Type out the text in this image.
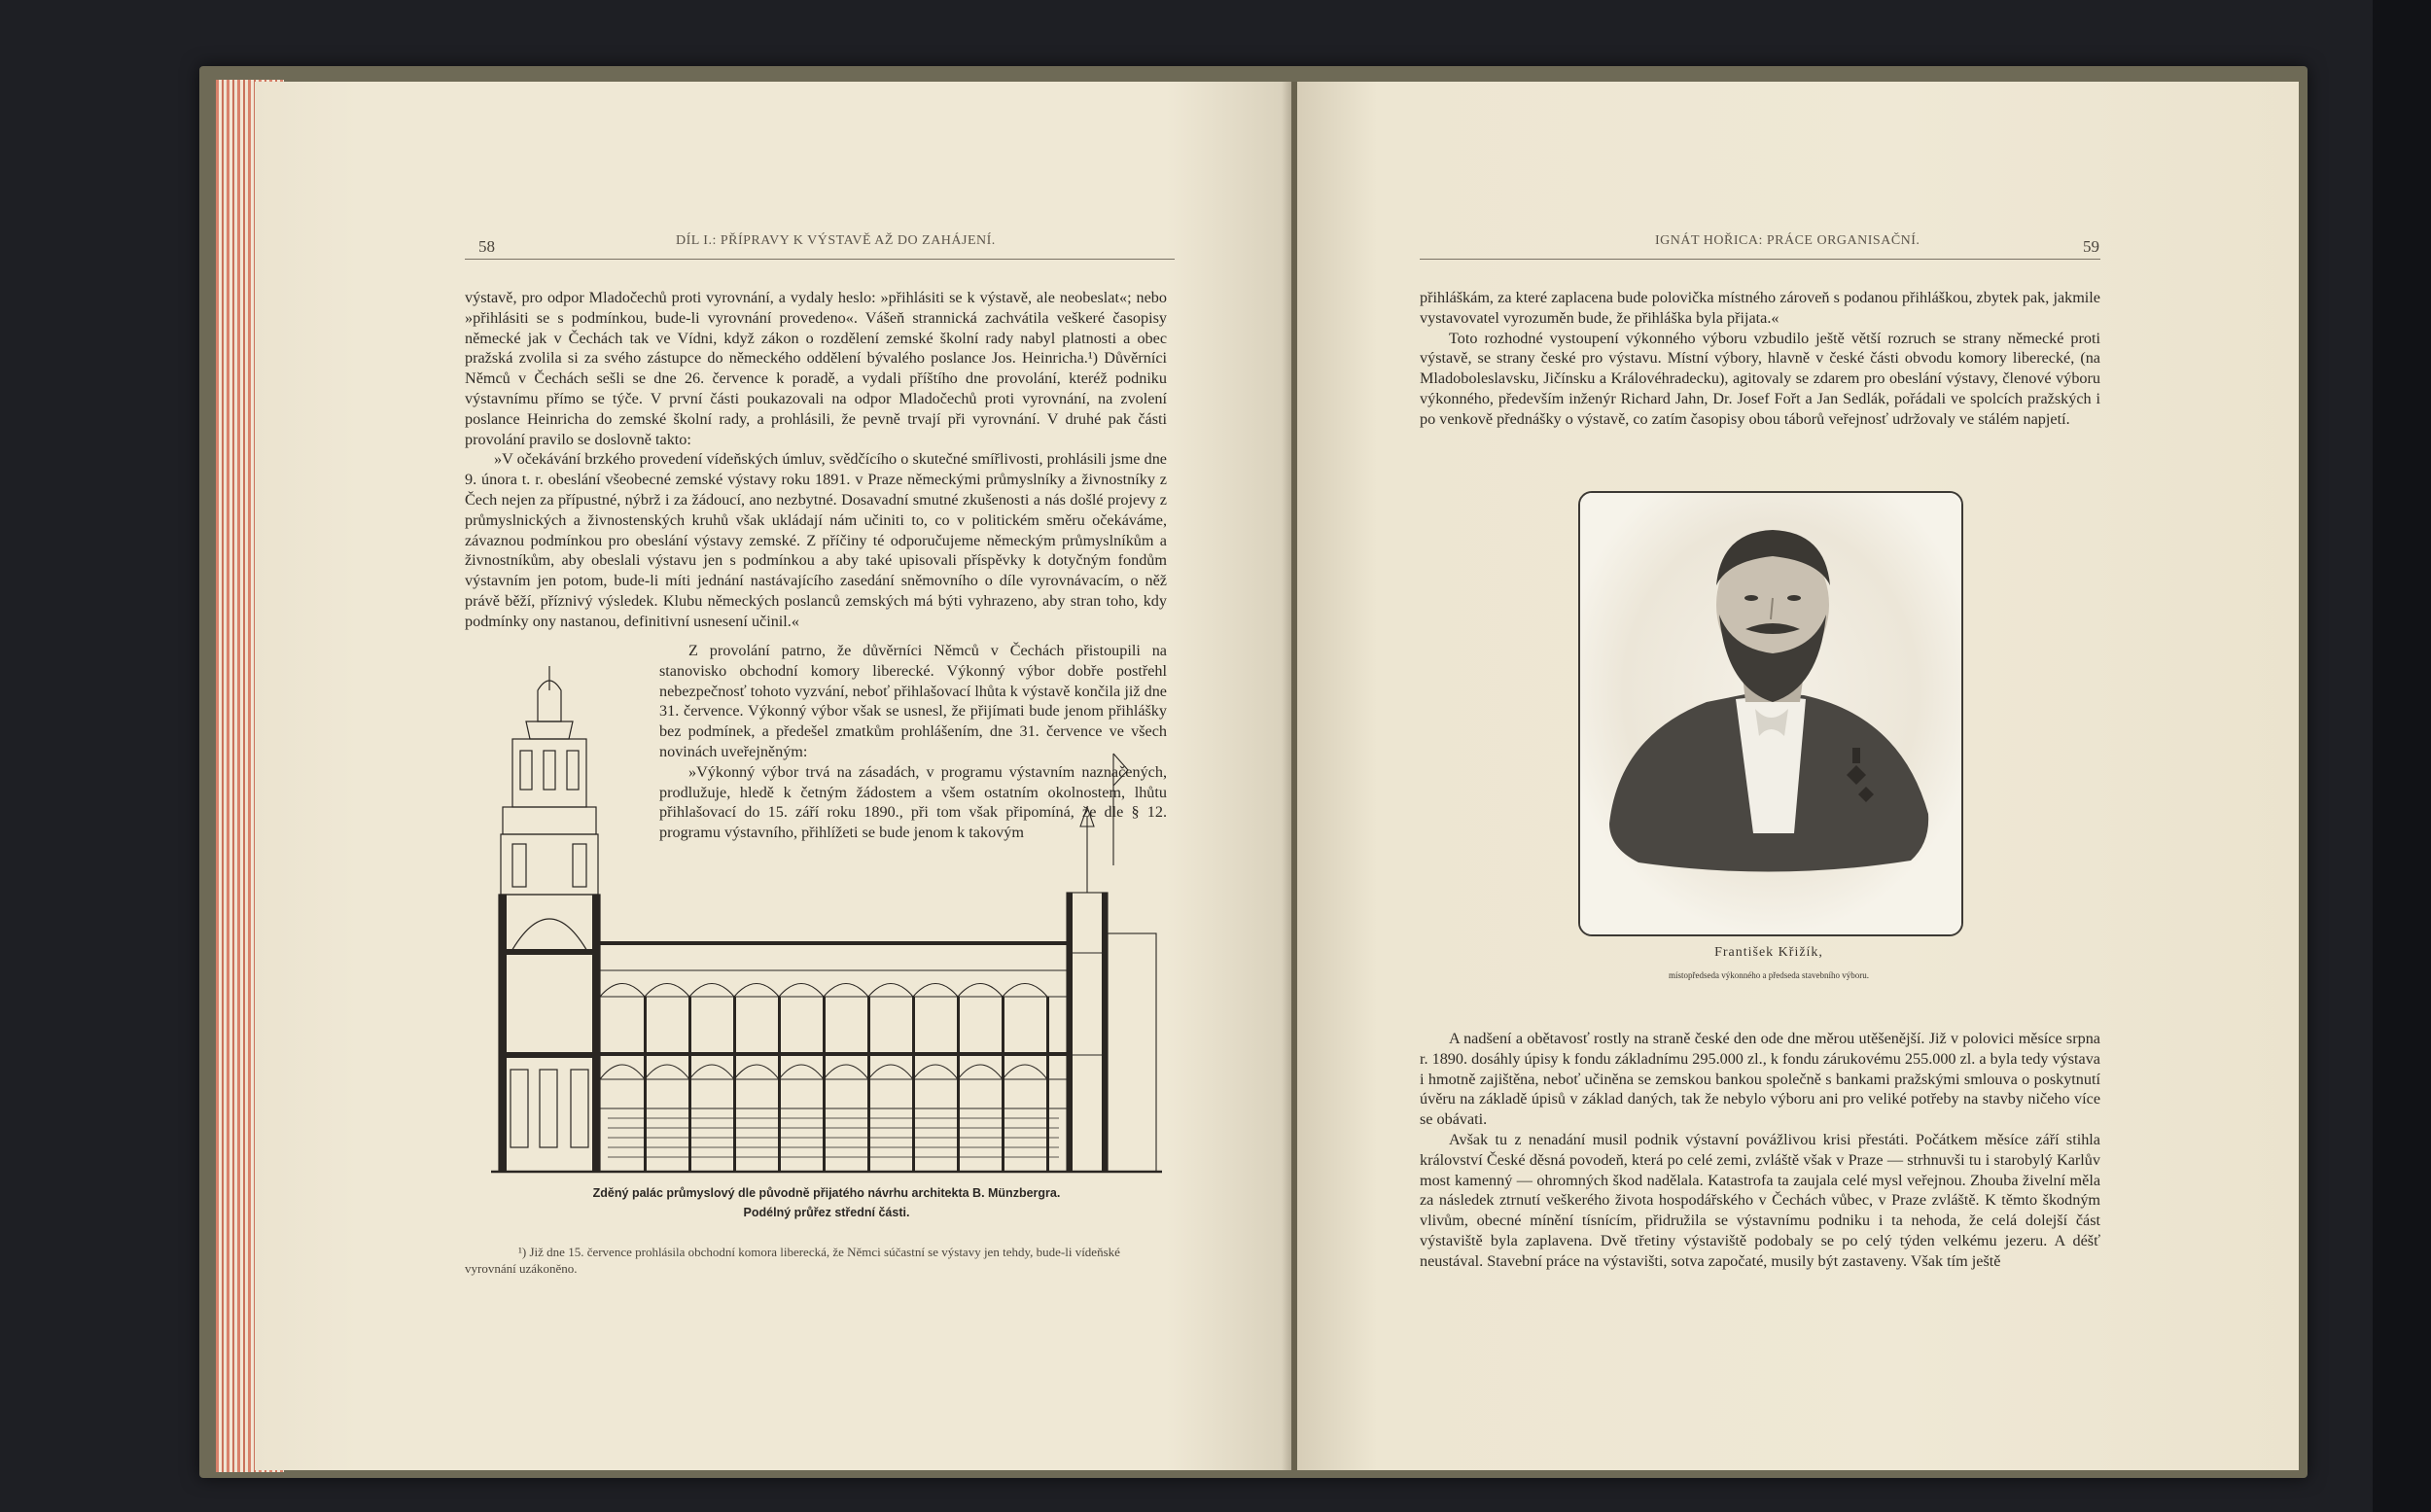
58	DÍL I.: PŘÍPRAVY K VÝSTAVĚ AŽ DO ZAHÁJENÍ.

výstavě, pro odpor Mladočechů proti vyrovnání, a vydaly heslo: »přihlásiti se k výstavě, ale neobeslat«; nebo »přihlásiti se s podmínkou, bude-li vyrovnání provedeno«. Vášeň strannická zachvátila veškeré časopisy německé jak v Čechách tak ve Vídni, když zákon o rozdělení zemské školní rady nabyl platnosti a obec pražská zvolila si za svého zástupce do německého oddělení bývalého poslance Jos. Heinricha.¹) Důvěrníci Němců v Čechách sešli se dne 26. července k poradě, a vydali příštího dne provolání, kteréž podniku výstavnímu přímo se týče. V první části poukazovali na odpor Mladočechů proti vyrovnání, na zvolení poslance Heinricha do zemské školní rady, a prohlásili, že pevně trvají při vyrovnání. V druhé pak části provolání pravilo se doslovně takto:

»V očekávání brzkého provedení vídeňských úmluv, svědčícího o skutečné smířlivosti, prohlásili jsme dne 9. února t. r. obeslání všeobecné zemské výstavy roku 1891. v Praze německými průmyslníky a živnostníky z Čech nejen za přípustné, nýbrž i za žádoucí, ano nezbytné. Dosavadní smutné zkušenosti a nás došlé projevy z průmyslnických a živnostenských kruhů však ukládají nám učiniti to, co v politickém směru očekáváme, závaznou podmínkou pro obeslání výstavy zemské. Z příčiny té odporučujeme německým průmyslníkům a živnostníkům, aby obeslali výstavu jen s podmínkou a aby také upisovali příspěvky k dotyčným fondům výstavním jen potom, bude-li míti jednání nastávajícího zasedání sněmovního o díle vyrovnávacím, o něž právě běží, příznivý výsledek. Klubu německých poslanců zemských má býti vyhrazeno, aby stran toho, kdy podmínky ony nastanou, definitivní usnesení učinil.«

Z provolání patrno, že důvěrníci Němců v Čechách přistoupili na stanovisko obchodní komory liberecké. Výkonný výbor dobře postřehl nebezpečnosť tohoto vyzvání, neboť přihlašovací lhůta k výstavě končila již dne 31. července. Výkonný výbor však se usnesl, že přijímati bude jenom přihlášky bez podmínek, a předešel zmatkům prohlášením, dne 31. července ve všech novinách uveřejněným:

»Výkonný výbor trvá na zásadách, v programu výstavním naznačených, prodlužuje, hledě k četným žádostem a všem ostatním okolnostem, lhůtu přihlašovací do 15. září roku 1890., při tom však připomíná, že dle § 12. programu výstavního, přihlížeti se bude jenom k takovým

Zděný palác průmyslový dle původně přijatého návrhu architekta B. Münzbergra.
Podélný průřez střední části.
¹) Již dne 15. července prohlásila obchodní komora liberecká, že Němci súčastní se výstavy jen tehdy, bude-li vídeňské vyrovnání uzákoněno.
IGNÁT HOŘICA: PRÁCE ORGANISAČNÍ.	59

přihláškám, za které zaplacena bude polovička místného zároveň s podanou přihláškou, zbytek pak, jakmile vystavovatel vyrozuměn bude, že přihláška byla přijata.«

Toto rozhodné vystoupení výkonného výboru vzbudilo ještě větší rozruch se strany německé proti výstavě, se strany české pro výstavu. Místní výbory, hlavně v české části obvodu komory liberecké, (na Mladoboleslavsku, Jičínsku a Královéhradecku), agitovaly se zdarem pro obeslání výstavy, členové výboru výkonného, především inženýr Richard Jahn, Dr. Josef Fořt a Jan Sedlák, pořádali ve spolcích pražských i po venkově přednášky o výstavě, co zatím časopisy obou táborů veřejnosť udržovaly ve stálém napjetí.

František Křižík,
místopředseda výkonného a předseda stavebního výboru.

A nadšení a obětavosť rostly na straně české den ode dne měrou utěšenější. Již v polovici měsíce srpna r. 1890. dosáhly úpisy k fondu základnímu 295.000 zl., k fondu zárukovému 255.000 zl. a byla tedy výstava i hmotně zajištěna, neboť učiněna se zemskou bankou společně s bankami pražskými smlouva o poskytnutí úvěru na základě úpisů v základ daných, tak že nebylo výboru ani pro veliké potřeby na stavby ničeho více se obávati.

Avšak tu z nenadání musil podnik výstavní povážlivou krisi přestáti. Počátkem měsíce září stihla království České děsná povodeň, která po celé zemi, zvláště však v Praze — strhnuvši tu i starobylý Karlův most kamenný — ohromných škod nadělala. Katastrofa ta zaujala celé mysl veřejnou. Zhouba živelní měla za následek ztrnutí veškerého života hospodářského v Čechách vůbec, v Praze zvláště. K těmto škodným vlivům, obecné mínění tísnícím, přidružila se výstavnímu podniku i ta nehoda, že celá dolejší část výstaviště byla zaplavena. Dvě třetiny výstaviště podobaly se po celý týden velkému jezeru. A déšť neustával. Stavební práce na výstavišti, sotva započaté, musily být zastaveny. Však tím ještě
